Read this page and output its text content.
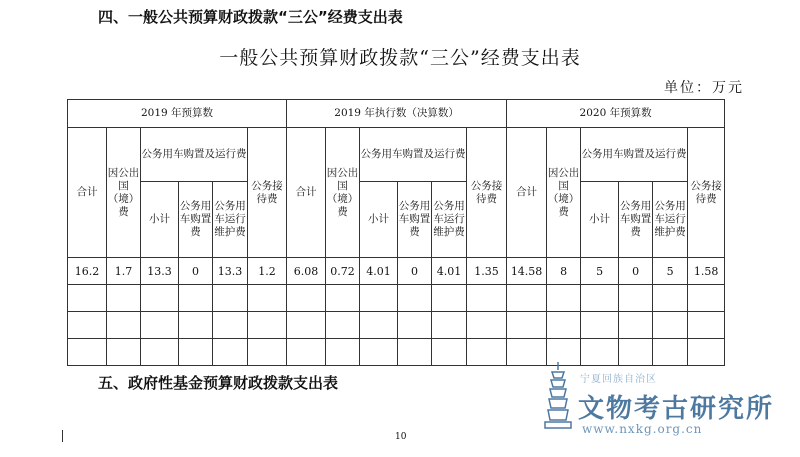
四、一般公共预算财政拨款“三公”经费支出表
一般公共预算财政拨款“三公”经费支出表
单位：万元
2019 年预算数						2019 年执行数（决算数）						2020 年预算数					
合计	因公出国（境）费	公务用车购置及运行费			公务接待费	合计	因公出国（境）费	公务用车购置及运行费			公务接待费	合计	因公出国（境）费	公务用车购置及运行费			公务接待费
		小计	公务用车购置费	公务用车运行维护费				小计	公务用车购置费	公务用车运行维护费				小计	公务用车购置费	公务用车运行维护费	
16.2	1.7	13.3	0	13.3	1.2	6.08	0.72	4.01	0	4.01	1.35	14.58	8	5	0	5	1.58

五、政府性基金预算财政拨款支出表
10
宁夏回族自治区
文物考古研究所
www.nxkg.org.cn
